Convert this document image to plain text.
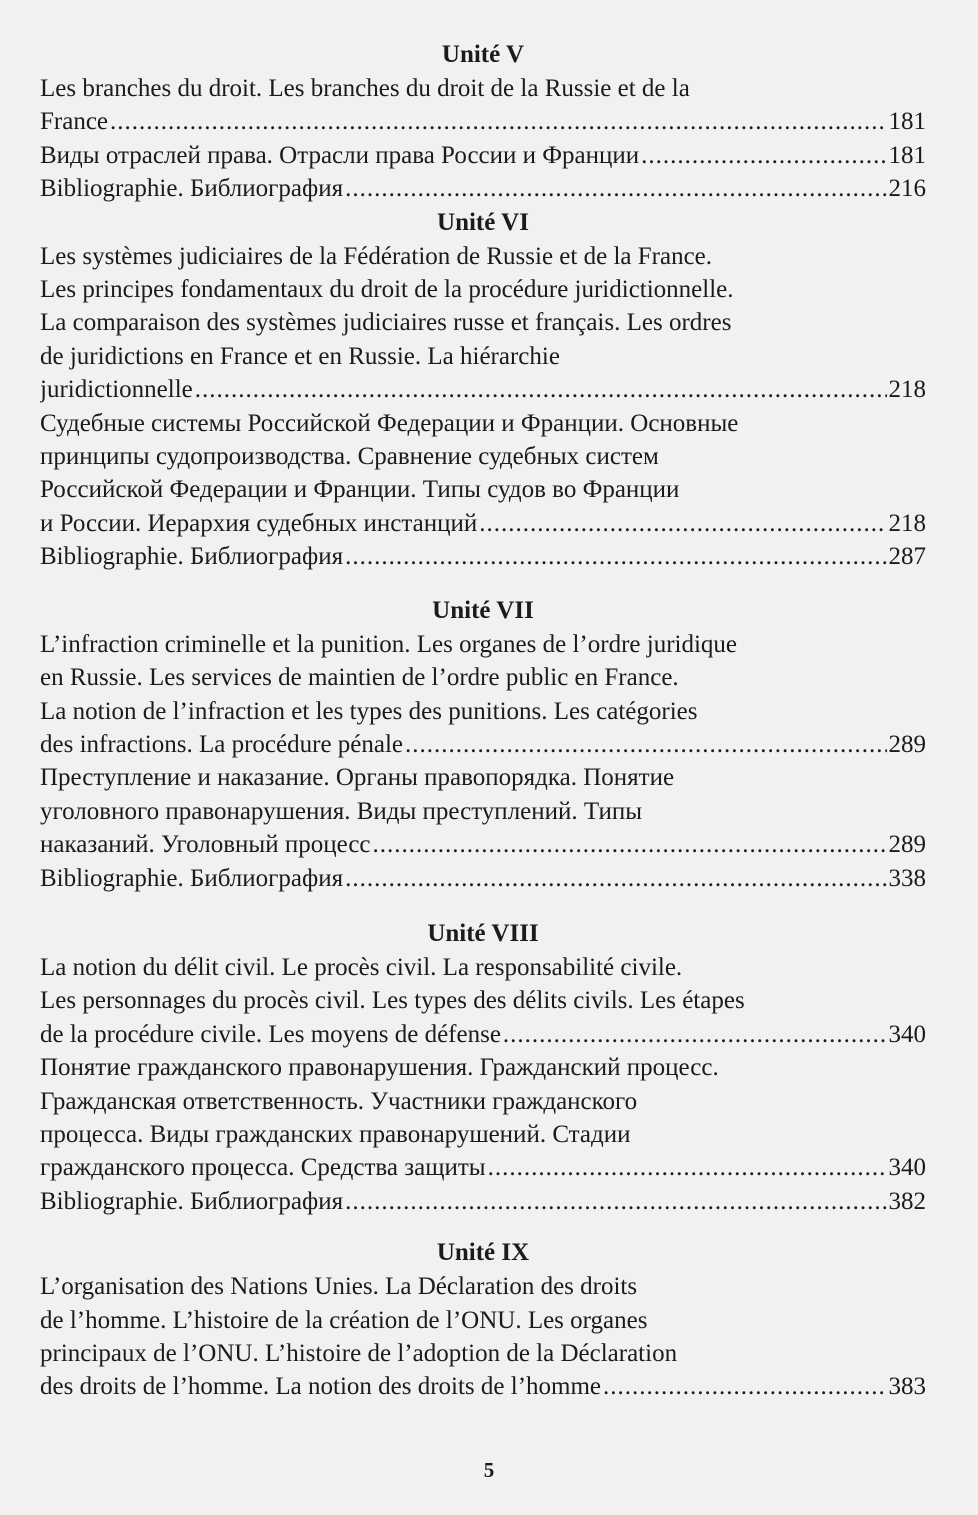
Unité V
Les branches du droit. Les branches du droit de la Russie et de la
France .....	181
Виды отраслей права. Отрасли права России и Франции .....	181
Bibliographie. Библиография .....	216
Unité VI
Les systèmes judiciaires de la Fédération de Russie et de la France.
Les principes fondamentaux du droit de la procédure juridictionnelle.
La comparaison des systèmes judiciaires russe et français. Les ordres
de juridictions en France et en Russie. La hiérarchie
juridictionnelle .....	218
Судебные системы Российской Федерации и Франции. Основные
принципы судопроизводства. Сравнение судебных систем
Российской Федерации и Франции. Типы судов во Франции
и России. Иерархия судебных инстанций .....	218
Bibliographie. Библиография .....	287
Unité VII
L’infraction criminelle et la punition. Les organes de l’ordre juridique
en Russie. Les services de maintien de l’ordre public en France.
La notion de l’infraction et les types des punitions. Les catégories
des infractions. La procédure pénale .....	289
Преступление и наказание. Органы правопорядка. Понятие
уголовного правонарушения. Виды преступлений. Типы
наказаний. Уголовный процесс .....	289
Bibliographie. Библиография .....	338
Unité VIII
La notion du délit civil. Le procès civil. La responsabilité civile.
Les personnages du procès civil. Les types des délits civils. Les étapes
de la procédure civile. Les moyens de défense .....	340
Понятие гражданского правонарушения. Гражданский процесс.
Гражданская ответственность. Участники гражданского
процесса. Виды гражданских правонарушений. Стадии
гражданского процесса. Средства защиты .....	340
Bibliographie. Библиография .....	382
Unité IX
L’organisation des Nations Unies. La Déclaration des droits
de l’homme. L’histoire de la création de l’ONU. Les organes
principaux de l’ONU. L’histoire de l’adoption de la Déclaration
des droits de l’homme. La notion des droits de l’homme .....	383
5
